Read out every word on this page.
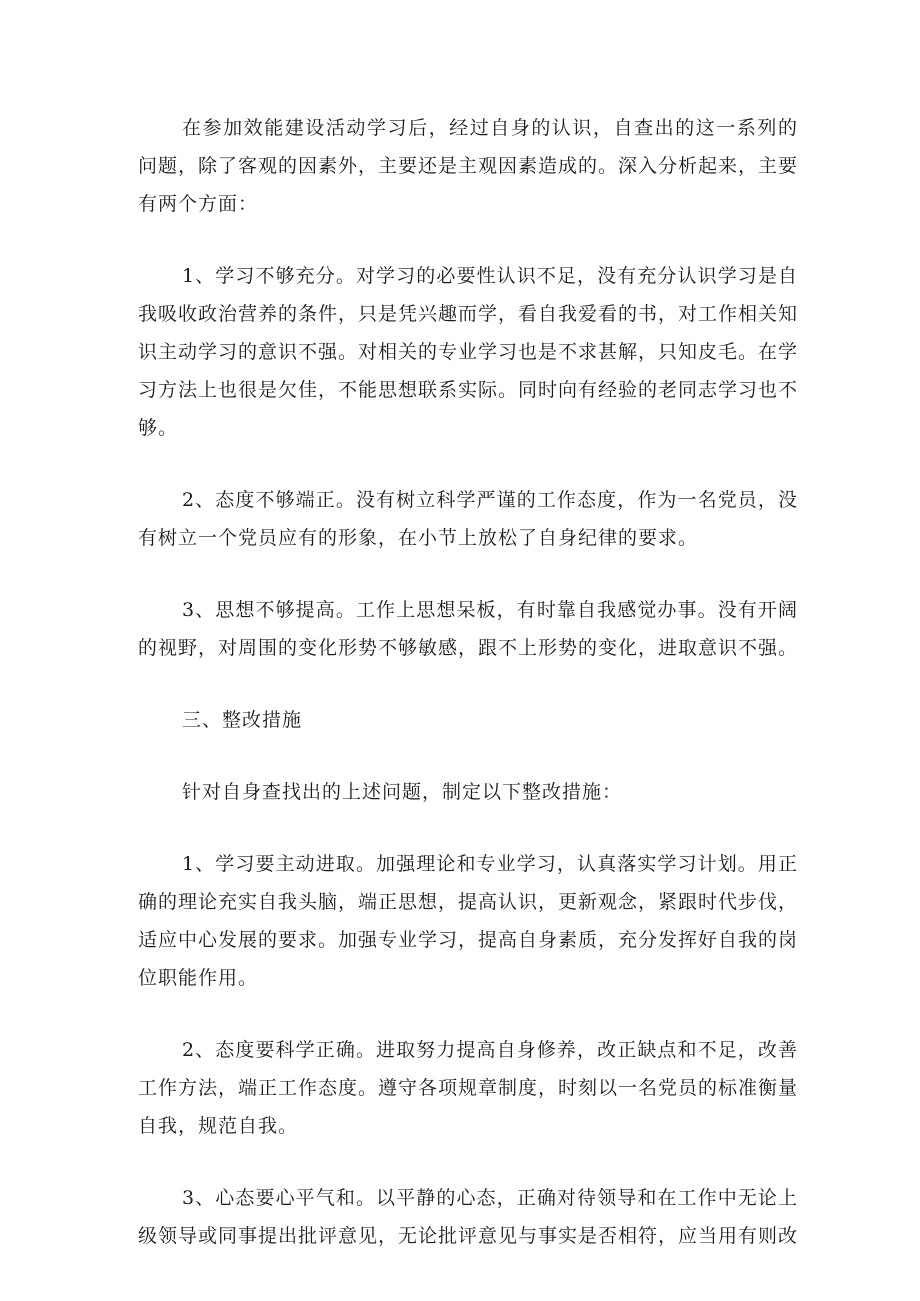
在参加效能建设活动学习后，经过自身的认识，自查出的这一系列的问题，除了客观的因素外，主要还是主观因素造成的。深入分析起来，主要有两个方面：

1、学习不够充分。对学习的必要性认识不足，没有充分认识学习是自我吸收政治营养的条件，只是凭兴趣而学，看自我爱看的书，对工作相关知识主动学习的意识不强。对相关的专业学习也是不求甚解，只知皮毛。在学习方法上也很是欠佳，不能思想联系实际。同时向有经验的老同志学习也不够。

2、态度不够端正。没有树立科学严谨的工作态度，作为一名党员，没有树立一个党员应有的形象，在小节上放松了自身纪律的要求。

3、思想不够提高。工作上思想呆板，有时靠自我感觉办事。没有开阔的视野，对周围的变化形势不够敏感，跟不上形势的变化，进取意识不强。

三、整改措施

针对自身查找出的上述问题，制定以下整改措施：

1、学习要主动进取。加强理论和专业学习，认真落实学习计划。用正确的理论充实自我头脑，端正思想，提高认识，更新观念，紧跟时代步伐，适应中心发展的要求。加强专业学习，提高自身素质，充分发挥好自我的岗位职能作用。

2、态度要科学正确。进取努力提高自身修养，改正缺点和不足，改善工作方法，端正工作态度。遵守各项规章制度，时刻以一名党员的标准衡量自我，规范自我。

3、心态要心平气和。以平静的心态，正确对待领导和在工作中无论上级领导或同事提出批评意见，无论批评意见与事实是否相符，应当用有则改
